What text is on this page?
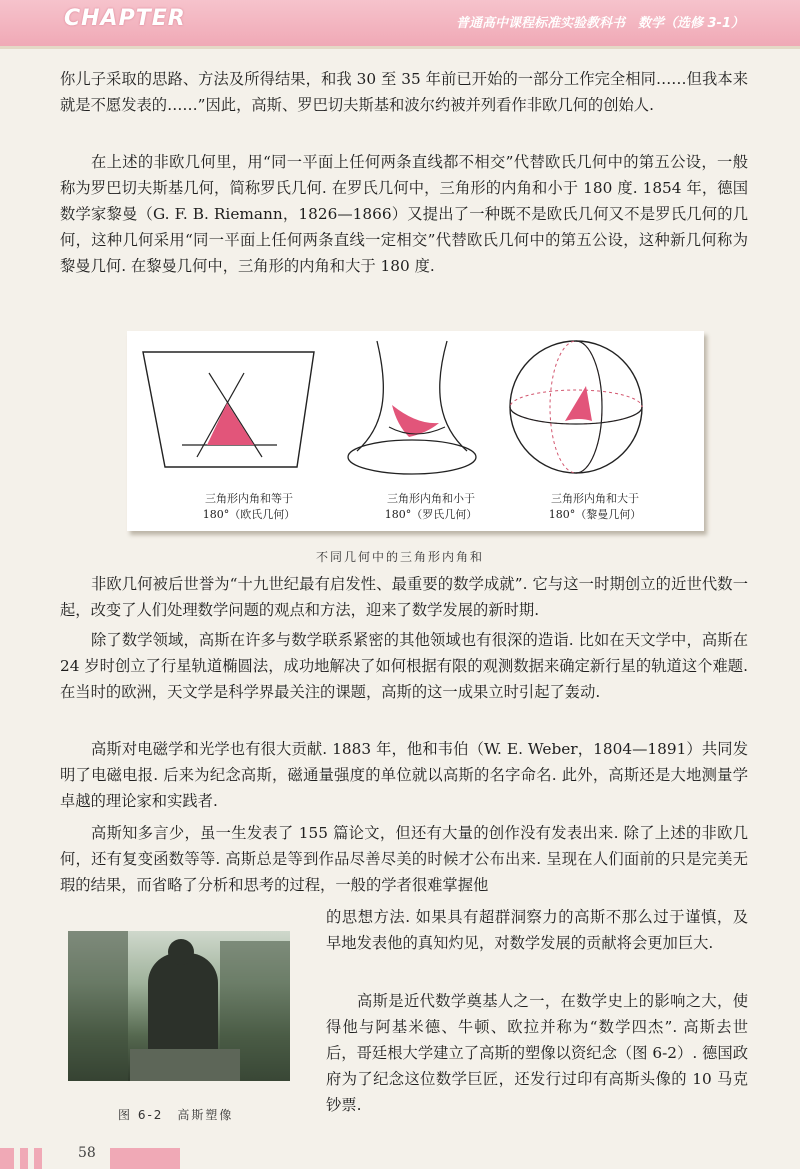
CHAPTER	普通高中课程标准实验教科书　数学（选修 3-1）

你儿子采取的思路、方法及所得结果，和我 30 至 35 年前已开始的一部分工作完全相同……但我本来就是不愿发表的……”因此，高斯、罗巴切夫斯基和波尔约被并列看作非欧几何的创始人.

在上述的非欧几何里，用“同一平面上任何两条直线都不相交”代替欧氏几何中的第五公设，一般称为罗巴切夫斯基几何，简称罗氏几何. 在罗氏几何中，三角形的内角和小于 180 度. 1854 年，德国数学家黎曼（G. F. B. Riemann，1826—1866）又提出了一种既不是欧氏几何又不是罗氏几何的几何，这种几何采用“同一平面上任何两条直线一定相交”代替欧氏几何中的第五公设，这种新几何称为黎曼几何. 在黎曼几何中，三角形的内角和大于 180 度.

三角形内角和等于
180°（欧氏几何）
三角形内角和小于
180°（罗氏几何）
三角形内角和大于
180°（黎曼几何）
不同几何中的三角形内角和

非欧几何被后世誉为“十九世纪最有启发性、最重要的数学成就”. 它与这一时期创立的近世代数一起，改变了人们处理数学问题的观点和方法，迎来了数学发展的新时期.

除了数学领域，高斯在许多与数学联系紧密的其他领域也有很深的造诣. 比如在天文学中，高斯在 24 岁时创立了行星轨道椭圆法，成功地解决了如何根据有限的观测数据来确定新行星的轨道这个难题. 在当时的欧洲，天文学是科学界最关注的课题，高斯的这一成果立时引起了轰动.

高斯对电磁学和光学也有很大贡献. 1883 年，他和韦伯（W. E. Weber，1804—1891）共同发明了电磁电报. 后来为纪念高斯，磁通量强度的单位就以高斯的名字命名. 此外，高斯还是大地测量学卓越的理论家和实践者.

高斯知多言少，虽一生发表了 155 篇论文，但还有大量的创作没有发表出来. 除了上述的非欧几何，还有复变函数等等. 高斯总是等到作品尽善尽美的时候才公布出来. 呈现在人们面前的只是完美无瑕的结果，而省略了分析和思考的过程，一般的学者很难掌握他

的思想方法. 如果具有超群洞察力的高斯不那么过于谨慎，及早地发表他的真知灼见，对数学发展的贡献将会更加巨大.

高斯是近代数学奠基人之一，在数学史上的影响之大，使得他与阿基米德、牛顿、欧拉并称为“数学四杰”. 高斯去世后，哥廷根大学建立了高斯的塑像以资纪念（图 6-2）. 德国政府为了纪念这位数学巨匠，还发行过印有高斯头像的 10 马克钞票.

图 6-2　高斯塑像
58
